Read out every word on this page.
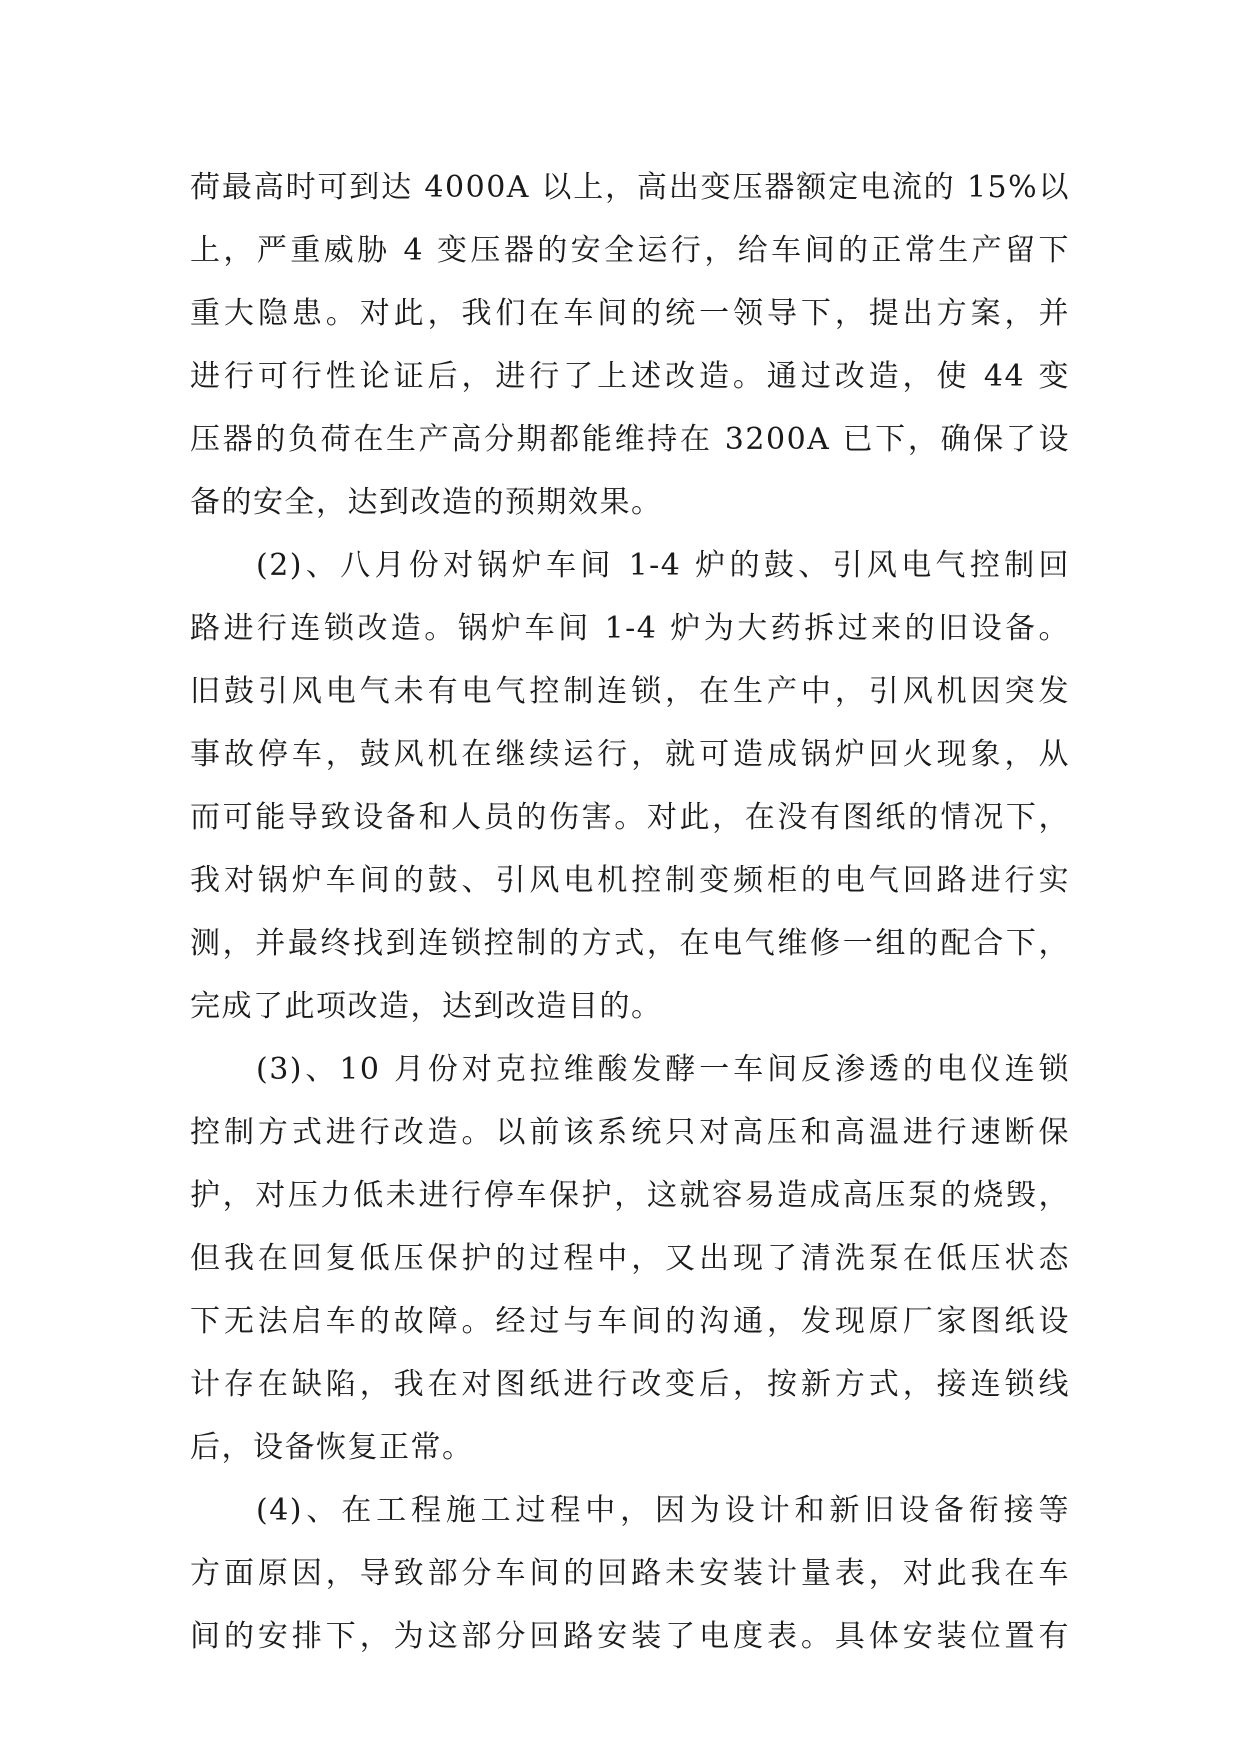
荷最高时可到达 4000A 以上，高出变压器额定电流的 15%以
上，严重威胁 4 变压器的安全运行，给车间的正常生产留下
重大隐患。对此，我们在车间的统一领导下，提出方案，并
进行可行性论证后，进行了上述改造。通过改造，使 44 变
压器的负荷在生产高分期都能维持在 3200A 已下，确保了设
备的安全，达到改造的预期效果。
(2)、八月份对锅炉车间 1-4 炉的鼓、引风电气控制回
路进行连锁改造。锅炉车间 1-4 炉为大药拆过来的旧设备。
旧鼓引风电气未有电气控制连锁，在生产中，引风机因突发
事故停车，鼓风机在继续运行，就可造成锅炉回火现象，从
而可能导致设备和人员的伤害。对此，在没有图纸的情况下，
我对锅炉车间的鼓、引风电机控制变频柜的电气回路进行实
测，并最终找到连锁控制的方式，在电气维修一组的配合下，
完成了此项改造，达到改造目的。
(3)、10 月份对克拉维酸发酵一车间反渗透的电仪连锁
控制方式进行改造。以前该系统只对高压和高温进行速断保
护，对压力低未进行停车保护，这就容易造成高压泵的烧毁，
但我在回复低压保护的过程中，又出现了清洗泵在低压状态
下无法启车的故障。经过与车间的沟通，发现原厂家图纸设
计存在缺陷，我在对图纸进行改变后，按新方式，接连锁线
后，设备恢复正常。
(4)、在工程施工过程中，因为设计和新旧设备衔接等
方面原因，导致部分车间的回路未安装计量表，对此我在车
间的安排下，为这部分回路安装了电度表。具体安装位置有
